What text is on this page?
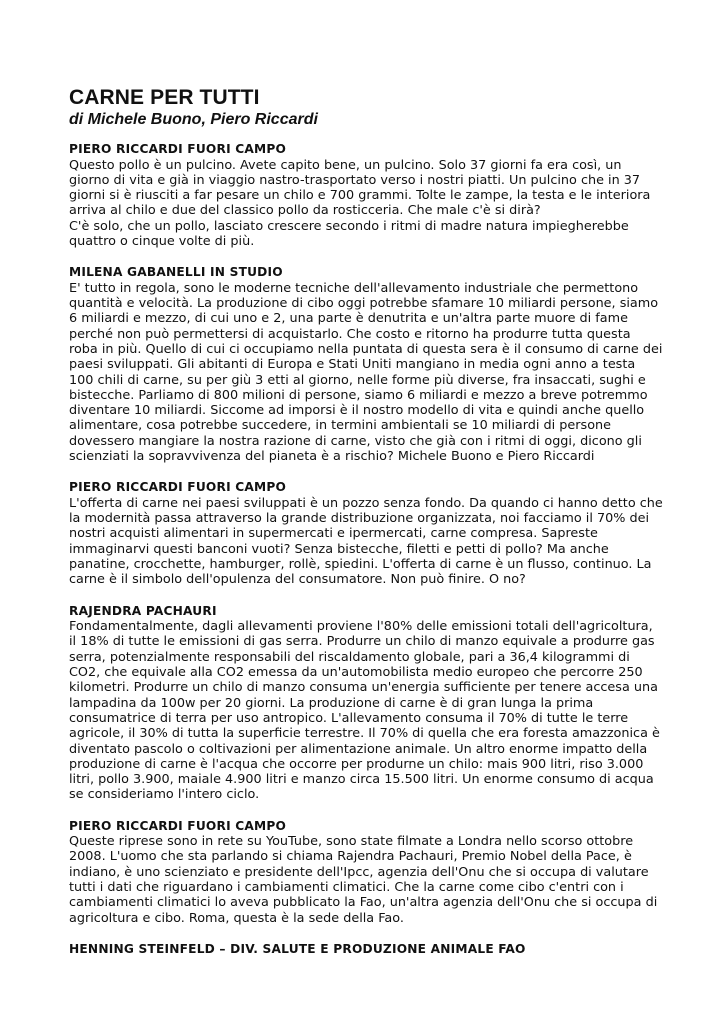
CARNE PER TUTTI
di Michele Buono, Piero Riccardi
PIERO RICCARDI FUORI CAMPO

Questo pollo è un pulcino. Avete capito bene, un pulcino. Solo 37 giorni fa era così, un giorno di vita e già in viaggio nastro-trasportato verso i nostri piatti. Un pulcino che in 37 giorni si è riusciti a far pesare un chilo e 700 grammi. Tolte le zampe, la testa e le interiora arriva al chilo e due del classico pollo da rosticceria. Che male c'è si dirà?

C'è solo, che un pollo, lasciato crescere secondo i ritmi di madre natura impiegherebbe quattro o cinque volte di più.

MILENA GABANELLI IN STUDIO

E' tutto in regola, sono le moderne tecniche dell'allevamento industriale che permettono quantità e velocità. La produzione di cibo oggi potrebbe sfamare 10 miliardi persone, siamo 6 miliardi e mezzo, di cui uno e 2, una parte è denutrita e un'altra parte muore di fame perché non può permettersi di acquistarlo. Che costo e ritorno ha produrre tutta questa roba in più. Quello di cui ci occupiamo nella puntata di questa sera è il consumo di carne dei paesi sviluppati. Gli abitanti di Europa e Stati Uniti mangiano in media ogni anno a testa 100 chili di carne, su per giù 3 etti al giorno, nelle forme più diverse, fra insaccati, sughi e bistecche. Parliamo di 800 milioni di persone, siamo 6 miliardi e mezzo a breve potremmo diventare 10 miliardi. Siccome ad imporsi è il nostro modello di vita e quindi anche quello alimentare, cosa potrebbe succedere, in termini ambientali se 10 miliardi di persone dovessero mangiare la nostra razione di carne, visto che già con i ritmi di oggi, dicono gli scienziati la sopravvivenza del pianeta è a rischio? Michele Buono e Piero Riccardi

PIERO RICCARDI FUORI CAMPO

L'offerta di carne nei paesi sviluppati è un pozzo senza fondo. Da quando ci hanno detto che la modernità passa attraverso la grande distribuzione organizzata, noi facciamo il 70% dei nostri acquisti alimentari in supermercati e ipermercati, carne compresa. Sapreste immaginarvi questi banconi vuoti? Senza bistecche, filetti e petti di pollo? Ma anche panatine, crocchette, hamburger, rollè, spiedini. L'offerta di carne è un flusso, continuo. La carne è il simbolo dell'opulenza del consumatore. Non può finire. O no?

RAJENDRA PACHAURI

Fondamentalmente, dagli allevamenti proviene l'80% delle emissioni totali dell'agricoltura, il 18% di tutte le emissioni di gas serra. Produrre un chilo di manzo equivale a produrre gas serra, potenzialmente responsabili del riscaldamento globale, pari a 36,4 kilogrammi di CO2, che equivale alla CO2 emessa da un'automobilista medio europeo che percorre 250 kilometri. Produrre un chilo di manzo consuma un'energia sufficiente per tenere accesa una lampadina da 100w per 20 giorni. La produzione di carne è di gran lunga la prima consumatrice di terra per uso antropico. L'allevamento consuma il 70% di tutte le terre agricole, il 30% di tutta la superficie terrestre. Il 70% di quella che era foresta amazzonica è diventato pascolo o coltivazioni per alimentazione animale. Un altro enorme impatto della produzione di carne è l'acqua che occorre per produrne un chilo: mais 900 litri, riso 3.000 litri, pollo 3.900, maiale 4.900 litri e manzo circa 15.500 litri. Un enorme consumo di acqua se consideriamo l'intero ciclo.

PIERO RICCARDI FUORI CAMPO

Queste riprese sono in rete su YouTube, sono state filmate a Londra nello scorso ottobre 2008. L'uomo che sta parlando si chiama Rajendra Pachauri, Premio Nobel della Pace, è indiano, è uno scienziato e presidente dell'Ipcc, agenzia dell'Onu che si occupa di valutare tutti i dati che riguardano i cambiamenti climatici. Che la carne come cibo c'entri con i cambiamenti climatici lo aveva pubblicato la Fao, un'altra agenzia dell'Onu che si occupa di agricoltura e cibo. Roma, questa è la sede della Fao.

HENNING STEINFELD – DIV. SALUTE E PRODUZIONE ANIMALE FAO
